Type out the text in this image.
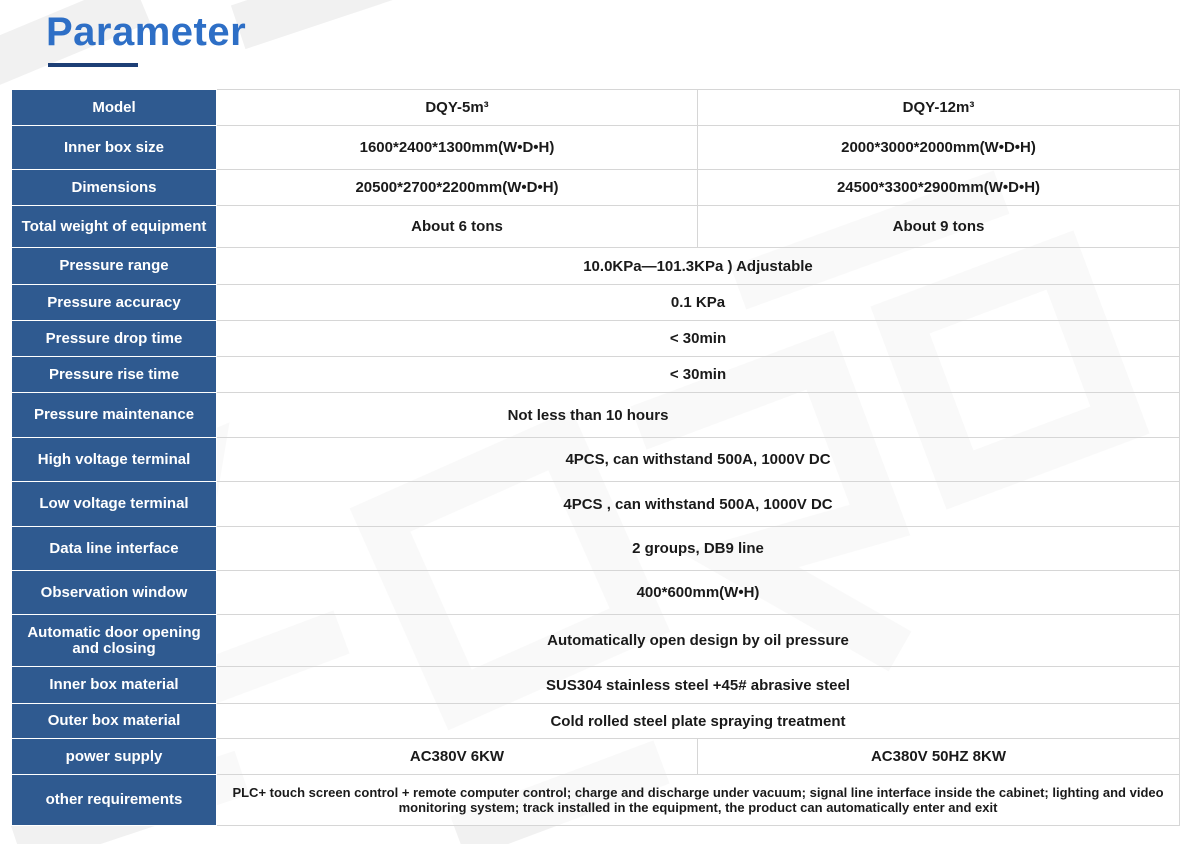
Parameter
Model	DQY-5m³	DQY-12m³
Inner box size	1600*2400*1300mm(W•D•H)	2000*3000*2000mm(W•D•H)
Dimensions	20500*2700*2200mm(W•D•H)	24500*3300*2900mm(W•D•H)
Total weight of equipment	About 6 tons	About 9 tons
Pressure range	10.0KPa—101.3KPa ) Adjustable	
Pressure accuracy	0.1 KPa	
Pressure drop time	< 30min	
Pressure rise time	< 30min	
Pressure maintenance	Not less than 10 hours	
High voltage terminal	4PCS, can withstand 500A, 1000V DC	
Low voltage terminal	4PCS , can withstand 500A, 1000V DC	
Data line interface	2 groups, DB9 line	
Observation window	400*600mm(W•H)	
Automatic door opening and closing	Automatically open design by oil pressure	
Inner box material	SUS304 stainless steel +45# abrasive steel	
Outer box material	Cold rolled steel plate spraying treatment	
power supply	AC380V 6KW	AC380V 50HZ 8KW
other requirements	PLC+ touch screen control + remote computer control; charge and discharge under vacuum; signal line interface inside the cabinet; lighting and video monitoring system; track installed in the equipment, the product can automatically enter and exit	
